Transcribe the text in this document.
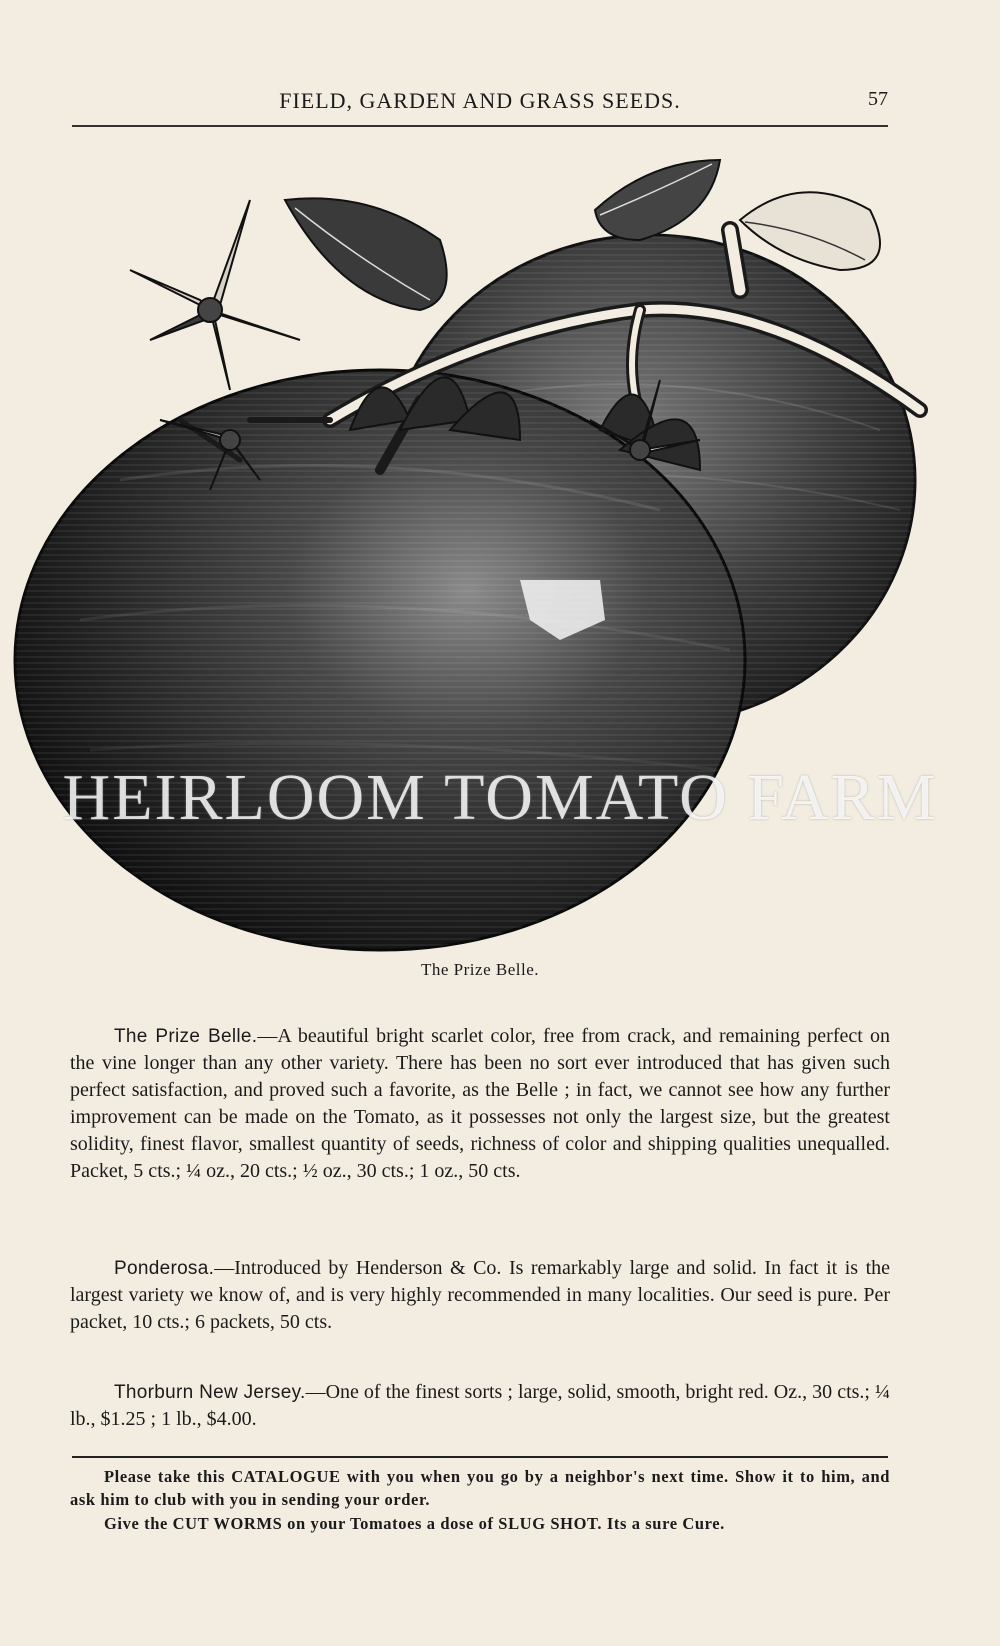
FIELD, GARDEN AND GRASS SEEDS.	57
HEIRLOOM TOMATO FARM
The Prize Belle.

The Prize Belle.—A beautiful bright scarlet color, free from crack, and remaining perfect on the vine longer than any other variety. There has been no sort ever introduced that has given such perfect satisfaction, and proved such a favorite, as the Belle ; in fact, we cannot see how any further improvement can be made on the Tomato, as it possesses not only the largest size, but the greatest solidity, finest flavor, smallest quantity of seeds, richness of color and shipping qualities unequalled. Packet, 5 cts.; ¼ oz., 20 cts.; ½ oz., 30 cts.; 1 oz., 50 cts.

Ponderosa.—Introduced by Henderson & Co. Is remarkably large and solid. In fact it is the largest variety we know of, and is very highly recommended in many localities. Our seed is pure. Per packet, 10 cts.; 6 packets, 50 cts.

Thorburn New Jersey.—One of the finest sorts ; large, solid, smooth, bright red. Oz., 30 cts.; ¼ lb., $1.25 ; 1 lb., $4.00.

Please take this CATALOGUE with you when you go by a neighbor's next time. Show it to him, and ask him to club with you in sending your order.

Give the CUT WORMS on your Tomatoes a dose of SLUG SHOT. Its a sure Cure.
